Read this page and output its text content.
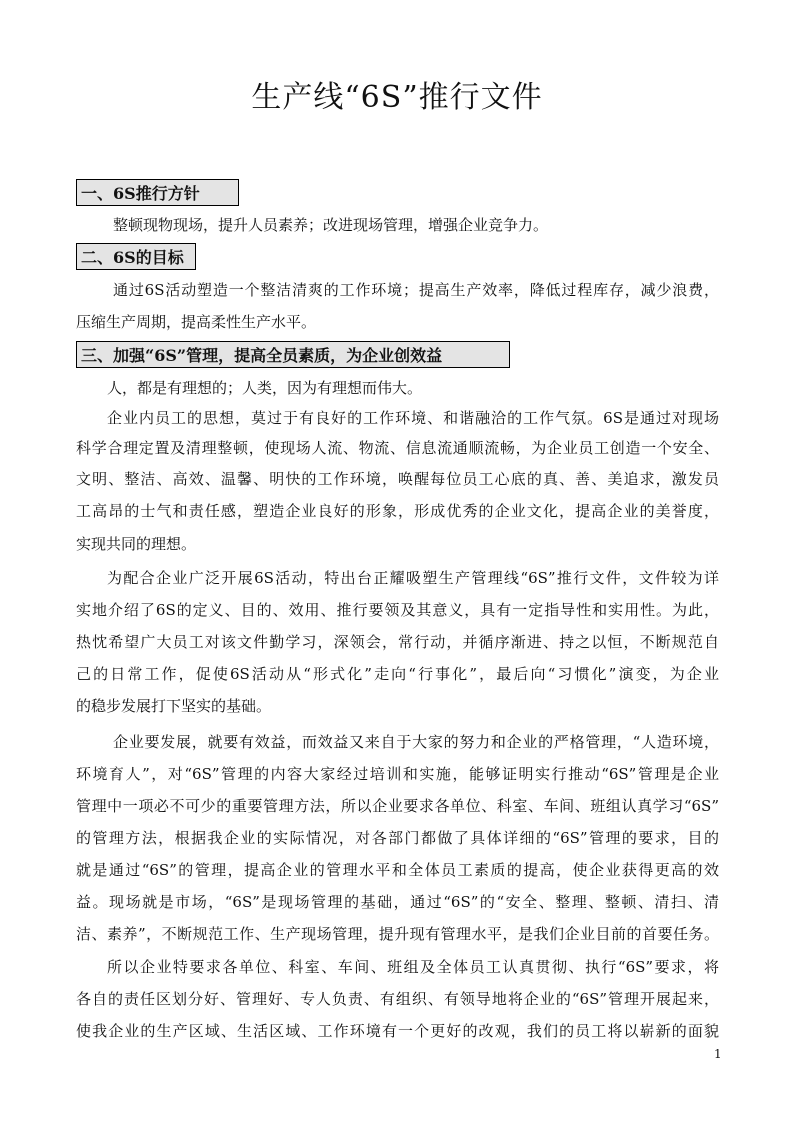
生产线“6S”推行文件
一、6S推行方针

整顿现物现场，提升人员素养；改进现场管理，增强企业竞争力。

二、6S的目标

通过6S活动塑造一个整洁清爽的工作环境；提高生产效率，降低过程库存，减少浪费，

压缩生产周期，提高柔性生产水平。

三、加强“6S”管理，提高全员素质，为企业创效益

人，都是有理想的；人类，因为有理想而伟大。

企业内员工的思想，莫过于有良好的工作环境、和谐融洽的工作气氛。6S是通过对现场

科学合理定置及清理整顿，使现场人流、物流、信息流通顺流畅，为企业员工创造一个安全、

文明、整洁、高效、温馨、明快的工作环境，唤醒每位员工心底的真、善、美追求，激发员

工高昂的士气和责任感，塑造企业良好的形象，形成优秀的企业文化，提高企业的美誉度，

实现共同的理想。

为配合企业广泛开展6S活动，特出台正耀吸塑生产管理线“6S”推行文件，文件较为详

实地介绍了6S的定义、目的、效用、推行要领及其意义，具有一定指导性和实用性。为此，

热忱希望广大员工对该文件勤学习，深领会，常行动，并循序渐进、持之以恒，不断规范自

己的日常工作，促使6S活动从“形式化”走向“行事化”，最后向“习惯化”演变，为企业

的稳步发展打下坚实的基础。

企业要发展，就要有效益，而效益又来自于大家的努力和企业的严格管理，“人造环境，

环境育人”，对“6S”管理的内容大家经过培训和实施，能够证明实行推动“6S”管理是企业

管理中一项必不可少的重要管理方法，所以企业要求各单位、科室、车间、班组认真学习“6S”

的管理方法，根据我企业的实际情况，对各部门都做了具体详细的“6S”管理的要求，目的

就是通过“6S”的管理，提高企业的管理水平和全体员工素质的提高，使企业获得更高的效

益。现场就是市场，“6S”是现场管理的基础，通过“6S”的“安全、整理、整顿、清扫、清

洁、素养”，不断规范工作、生产现场管理，提升现有管理水平，是我们企业目前的首要任务。

所以企业特要求各单位、科室、车间、班组及全体员工认真贯彻、执行“6S”要求，将

各自的责任区划分好、管理好、专人负责、有组织、有领导地将企业的“6S”管理开展起来，

使我企业的生产区域、生活区域、工作环境有一个更好的改观，我们的员工将以崭新的面貌

1
